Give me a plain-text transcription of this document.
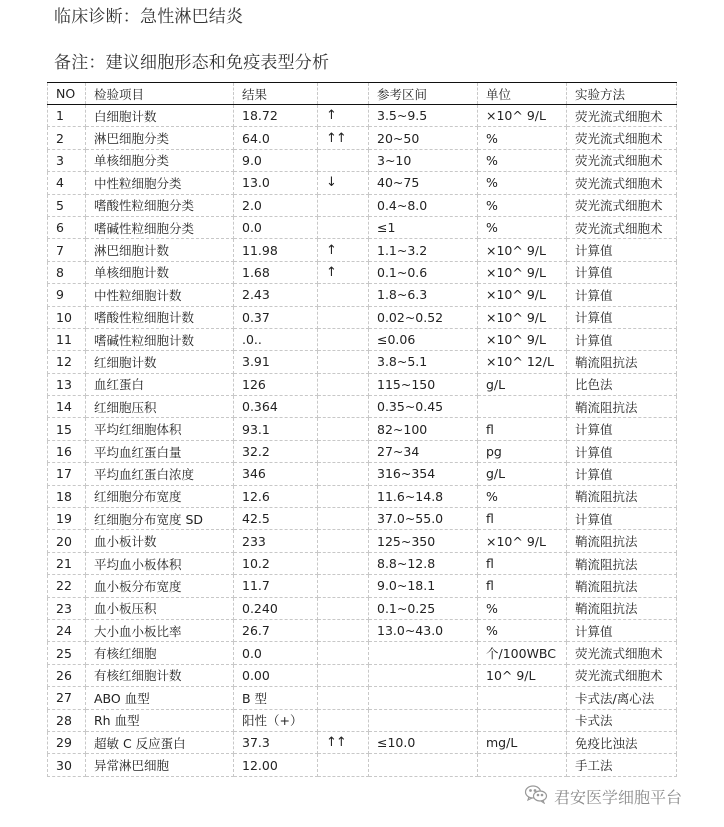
临床诊断：急性淋巴结炎
备注：建议细胞形态和免疫表型分析
NO	检验项目	结果		参考区间	单位	实验方法
1	白细胞计数	18.72	↑	3.5~9.5	×10^ 9/L	荧光流式细胞术
2	淋巴细胞分类	64.0	↑↑	20~50	%	荧光流式细胞术
3	单核细胞分类	9.0		3~10	%	荧光流式细胞术
4	中性粒细胞分类	13.0	↓	40~75	%	荧光流式细胞术
5	嗜酸性粒细胞分类	2.0		0.4~8.0	%	荧光流式细胞术
6	嗜碱性粒细胞分类	0.0		≤1	%	荧光流式细胞术
7	淋巴细胞计数	11.98	↑	1.1~3.2	×10^ 9/L	计算值
8	单核细胞计数	1.68	↑	0.1~0.6	×10^ 9/L	计算值
9	中性粒细胞计数	2.43		1.8~6.3	×10^ 9/L	计算值
10	嗜酸性粒细胞计数	0.37		0.02~0.52	×10^ 9/L	计算值
11	嗜碱性粒细胞计数	.0..		≤0.06	×10^ 9/L	计算值
12	红细胞计数	3.91		3.8~5.1	×10^ 12/L	鞘流阻抗法
13	血红蛋白	126		115~150	g/L	比色法
14	红细胞压积	0.364		0.35~0.45		鞘流阻抗法
15	平均红细胞体积	93.1		82~100	fl	计算值
16	平均血红蛋白量	32.2		27~34	pg	计算值
17	平均血红蛋白浓度	346		316~354	g/L	计算值
18	红细胞分布宽度	12.6		11.6~14.8	%	鞘流阻抗法
19	红细胞分布宽度 SD	42.5		37.0~55.0	fl	计算值
20	血小板计数	233		125~350	×10^ 9/L	鞘流阻抗法
21	平均血小板体积	10.2		8.8~12.8	fl	鞘流阻抗法
22	血小板分布宽度	11.7		9.0~18.1	fl	鞘流阻抗法
23	血小板压积	0.240		0.1~0.25	%	鞘流阻抗法
24	大小血小板比率	26.7		13.0~43.0	%	计算值
25	有核红细胞	0.0			个/100WBC	荧光流式细胞术
26	有核红细胞计数	0.00			10^ 9/L	荧光流式细胞术
27	ABO 血型	B 型				卡式法/离心法
28	Rh 血型	阳性（+）				卡式法
29	超敏 C 反应蛋白	37.3	↑↑	≤10.0	mg/L	免疫比浊法
30	异常淋巴细胞	12.00				手工法
君安医学细胞平台
